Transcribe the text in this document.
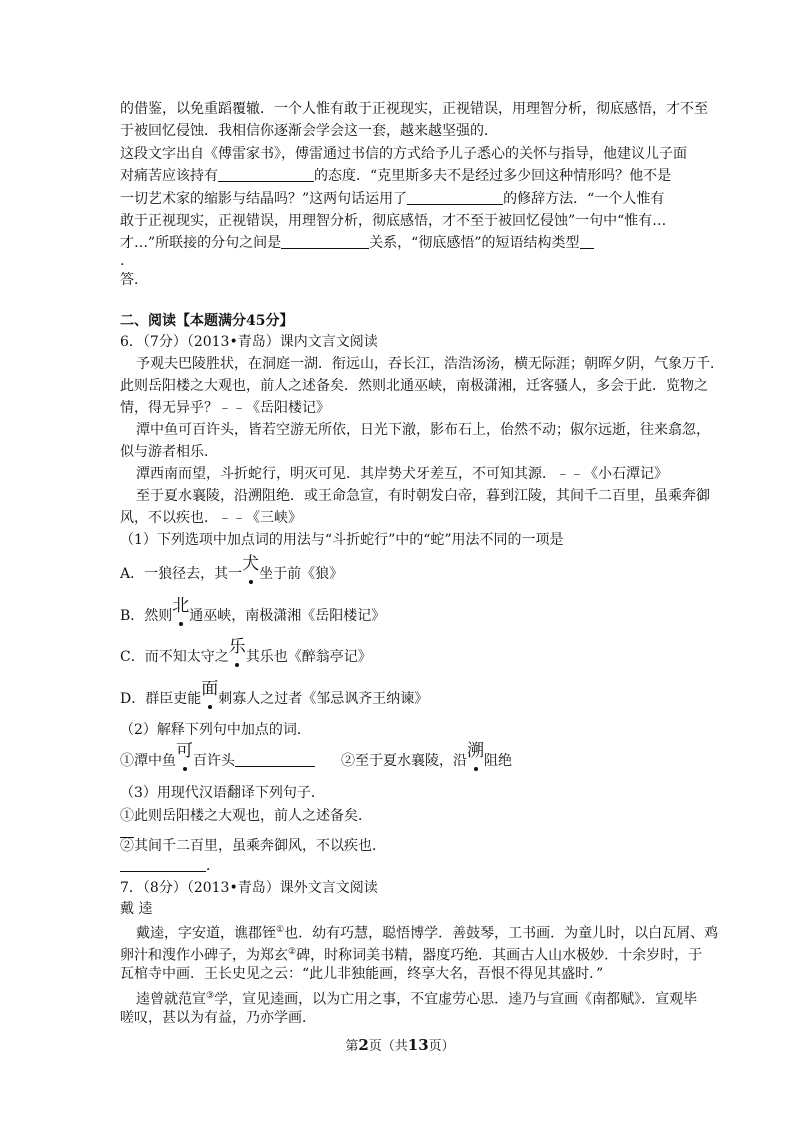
的借鉴，以免重蹈覆辙．一个人惟有敢于正视现实，正视错误，用理智分析，彻底感悟，才不至
于被回忆侵蚀．我相信你逐渐会学会这一套，越来越坚强的．
这段文字出自《傅雷家书》，傅雷通过书信的方式给予儿子悉心的关怀与指导，他建议儿子面
对痛苦应该持有	的态度．“克里斯多夫不是经过多少回这种情形吗？他不是
一切艺术家的缩影与结晶吗？”这两句话运用了	的修辞方法．“一个人惟有
敢于正视现实，正视错误，用理智分析，彻底感悟，才不至于被回忆侵蚀”一句中“惟有…
才…”所联接的分句之间是	关系，“彻底感悟”的短语结构类型
.
答．
二、阅读【本题满分45分】
6．（7分）（2013•青岛）课内文言文阅读
予观夫巴陵胜状，在洞庭一湖．衔远山，吞长江，浩浩汤汤，横无际涯；朝晖夕阴，气象万千．
此则岳阳楼之大观也，前人之述备矣．然则北通巫峡，南极潇湘，迁客骚人，多会于此．览物之
情，得无异乎？﹣﹣《岳阳楼记》
潭中鱼可百许头，皆若空游无所依，日光下澈，影布石上，佁然不动；俶尔远逝，往来翕忽，
似与游者相乐．
潭西南而望，斗折蛇行，明灭可见．其岸势犬牙差互，不可知其源．﹣﹣《小石潭记》
至于夏水襄陵，沿溯阻绝．或王命急宣，有时朝发白帝，暮到江陵，其间千二百里，虽乘奔御
风，不以疾也．﹣﹣《三峡》
（1）下列选项中加点词的用法与“斗折蛇行”中的“蛇”用法不同的一项是
A．一狼径去，其一犬
坐于前《狼》
B．然则北
通巫峡，南极潇湘《岳阳楼记》
C．而不知太守之乐
其乐也《醉翁亭记》
D．群臣吏能面
刺寡人之过者《邹忌讽齐王纳谏》
（2）解释下列句中加点的词．
①潭中鱼可
百许头	②至于夏水襄陵，沿溯
阻绝
（3）用现代汉语翻译下列句子．
①此则岳阳楼之大观也，前人之述备矣．
②其间千二百里，虽乘奔御风，不以疾也．
．
7．（8分）（2013•青岛）课外文言文阅读
戴 逵
戴逵，字安道，谯郡铚①也．幼有巧慧，聪悟博学．善鼓琴，工书画．为童儿时，以白瓦屑、鸡
卵汁和溲作小碑子，为郑玄②碑，时称词美书精，器度巧绝．其画古人山水极妙．十余岁时，于
瓦棺寺中画．王长史见之云：“此儿非独能画，终享大名，吾恨不得见其盛时．”
逵曾就范宣③学，宣见逵画，以为亡用之事，不宜虚劳心思．逵乃与宣画《南都赋》．宣观毕
嗟叹，甚以为有益，乃亦学画．
第2页（共13页）
